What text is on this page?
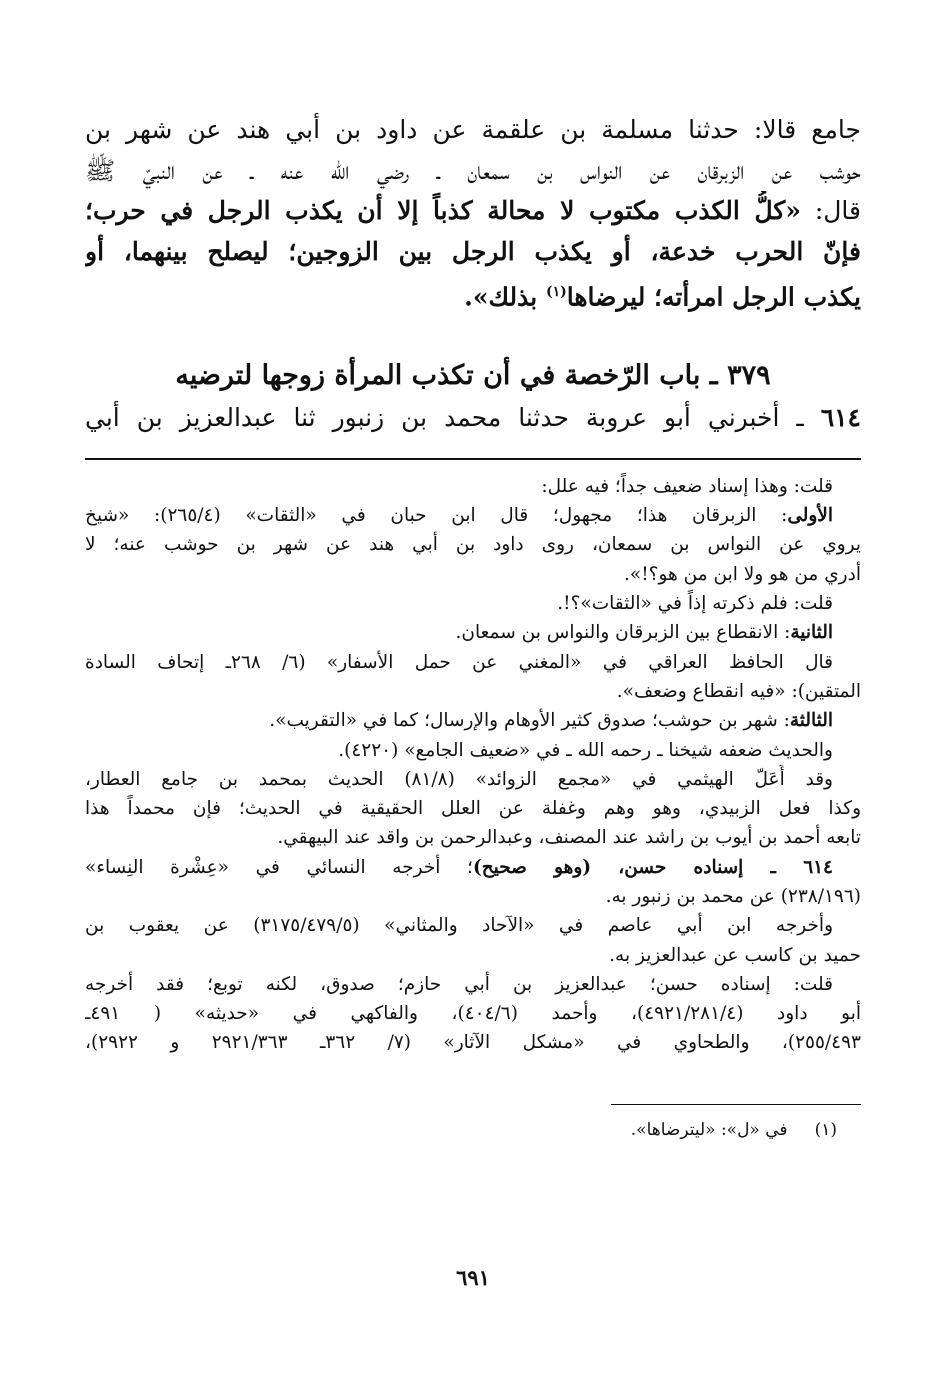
جامع قالا: حدثنا مسلمة بن علقمة عن داود بن أبي هند عن شهر بن
حوشب عن الزبرقان عن النواس بن سمعان ـ رضي الله عنه ـ عن النبيّ ﷺ
قال: «كلُّ الكذب مكتوب لا محالة كذباً إلا أن يكذب الرجل في حرب؛
فإنّ الحرب خدعة، أو يكذب الرجل بين الزوجين؛ ليصلح بينهما، أو
يكذب الرجل امرأته؛ ليرضاها$^{(١)}$ بذلك».
٣٧٩ ـ باب الرّخصة في أن تكذب المرأة زوجها لترضيه
٦١٤ ـ أخبرني أبو عروبة حدثنا محمد بن زنبور ثنا عبدالعزيز بن أبي
قلت: وهذا إسناد ضعيف جداً؛ فيه علل:
الأولى: الزبرقان هذا؛ مجهول؛ قال ابن حبان في «الثقات» (٢٦٥/٤): «شيخ
يروي عن النواس بن سمعان، روى داود بن أبي هند عن شهر بن حوشب عنه؛ لا
أدري من هو ولا ابن من هو؟!».
قلت: فلم ذكرته إذاً في «الثقات»؟!.
الثانية: الانقطاع بين الزبرقان والنواس بن سمعان.
قال الحافظ العراقي في «المغني عن حمل الأسفار» (٦/ ٢٦٨ـ إتحاف السادة
المتقين): «فيه انقطاع وضعف».
الثالثة: شهر بن حوشب؛ صدوق كثير الأوهام والإرسال؛ كما في «التقريب».
والحديث ضعفه شيخنا ـ رحمه الله ـ في «ضعيف الجامع» (٤٢٢٠).
وقد أَعَلّ الهيثمي في «مجمع الزوائد» (٨١/٨) الحديث بمحمد بن جامع العطار،
وكذا فعل الزبيدي، وهو وهم وغفلة عن العلل الحقيقية في الحديث؛ فإن محمداً هذا
تابعه أحمد بن أيوب بن راشد عند المصنف، وعبدالرحمن بن واقد عند البيهقي.
٦١٤ ـ إسناده حسن، (وهو صحيح)؛ أخرجه النسائي في «عِشْرة النِساء»
(٢٣٨/١٩٦) عن محمد بن زنبور به.
وأخرجه ابن أبي عاصم في «الآحاد والمثاني» (٣١٧٥/٤٧٩/٥) عن يعقوب بن
حميد بن كاسب عن عبدالعزيز به.
قلت: إسناده حسن؛ عبدالعزيز بن أبي حازم؛ صدوق، لكنه توبع؛ فقد أخرجه
أبو داود (٤٩٢١/٢٨١/٤)، وأحمد (٤٠٤/٦)، والفاكهي في «حديثه» ( ٤٩١ـ
٢٥٥/٤٩٣)، والطحاوي في «مشكل الآثار» (٧/ ٣٦٢ـ ٢٩٢١/٣٦٣ و ٢٩٢٢)،
(١)     في «ل»: «ليترضاها».
٦٩١
